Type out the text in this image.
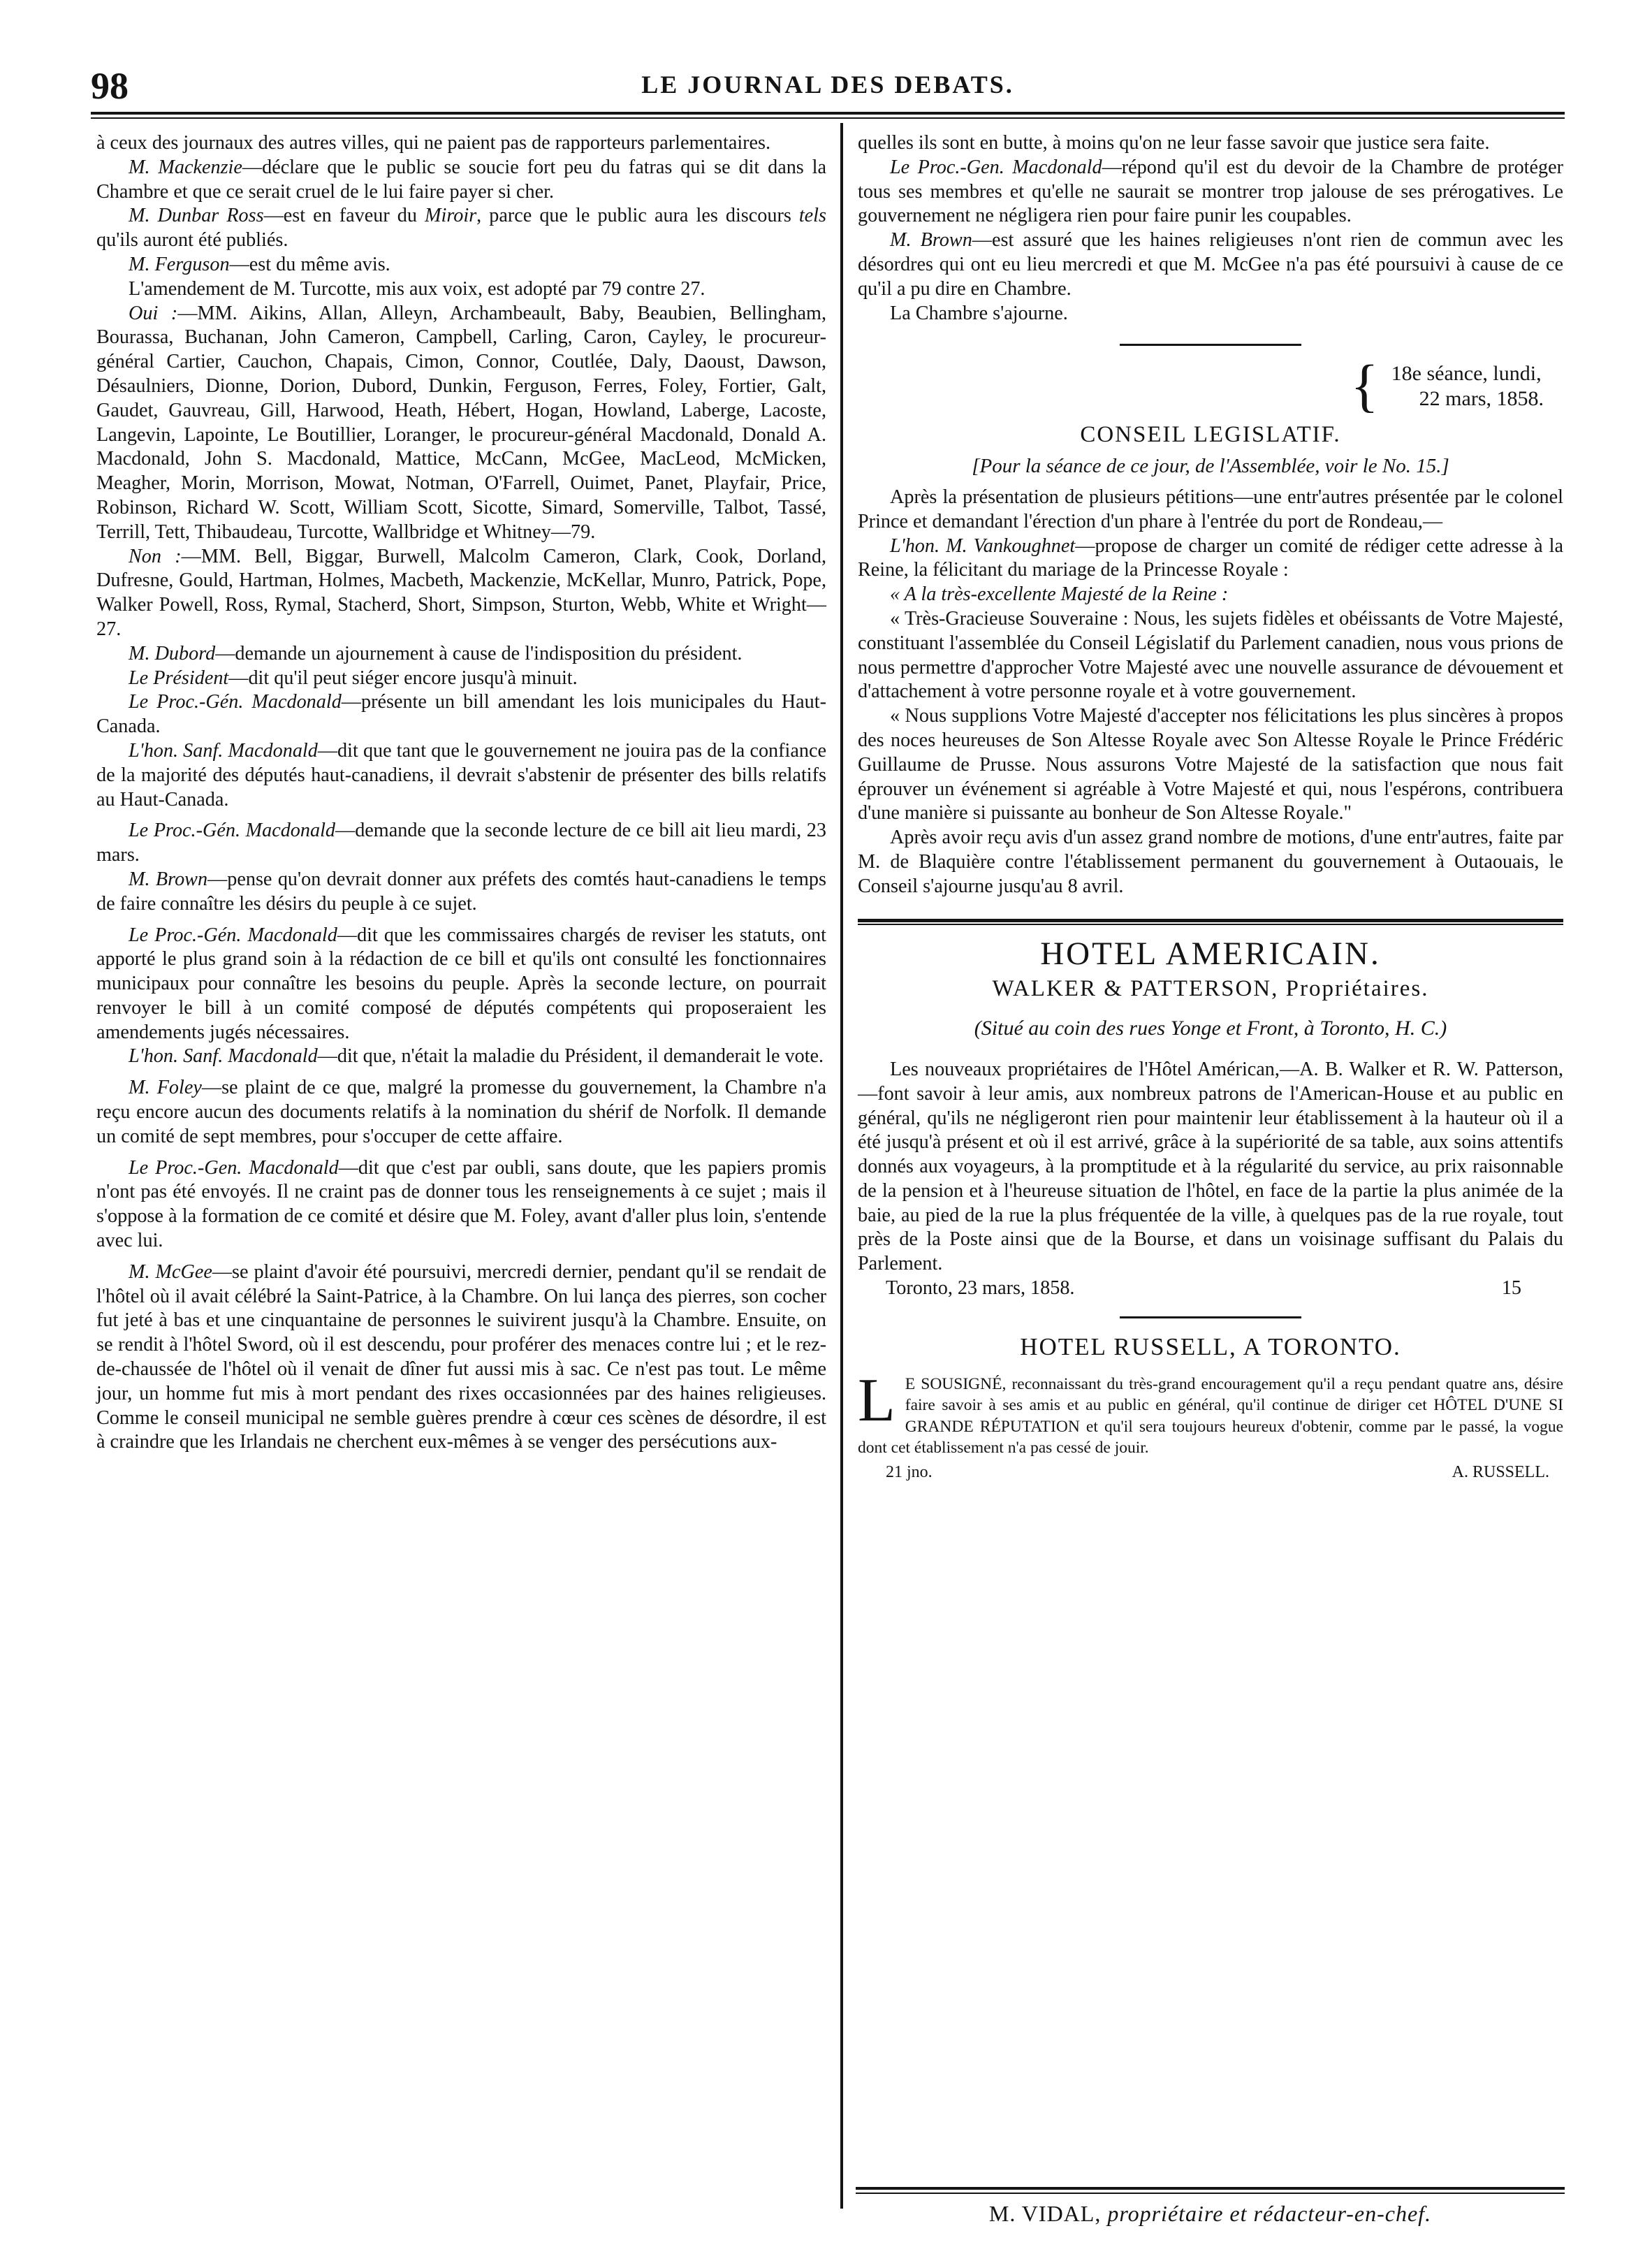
98	LE JOURNAL DES DEBATS.

à ceux des journaux des autres villes, qui ne paient pas de rapporteurs parlementaires.

M. Mackenzie—déclare que le public se soucie fort peu du fatras qui se dit dans la Chambre et que ce serait cruel de le lui faire payer si cher.

M. Dunbar Ross—est en faveur du Miroir, parce que le public aura les discours tels qu'ils auront été publiés.

M. Ferguson—est du même avis.

L'amendement de M. Turcotte, mis aux voix, est adopté par 79 contre 27.

Oui :—MM. Aikins, Allan, Alleyn, Archambeault, Baby, Beaubien, Bellingham, Bourassa, Buchanan, John Cameron, Campbell, Carling, Caron, Cayley, le procureur-général Cartier, Cauchon, Chapais, Cimon, Connor, Coutlée, Daly, Daoust, Dawson, Désaulniers, Dionne, Dorion, Dubord, Dunkin, Ferguson, Ferres, Foley, Fortier, Galt, Gaudet, Gauvreau, Gill, Harwood, Heath, Hébert, Hogan, Howland, Laberge, Lacoste, Langevin, Lapointe, Le Boutillier, Loranger, le procureur-général Macdonald, Donald A. Macdonald, John S. Macdonald, Mattice, McCann, McGee, MacLeod, McMicken, Meagher, Morin, Morrison, Mowat, Notman, O'Farrell, Ouimet, Panet, Playfair, Price, Robinson, Richard W. Scott, William Scott, Sicotte, Simard, Somerville, Talbot, Tassé, Terrill, Tett, Thibaudeau, Turcotte, Wallbridge et Whitney—79.

Non :—MM. Bell, Biggar, Burwell, Malcolm Cameron, Clark, Cook, Dorland, Dufresne, Gould, Hartman, Holmes, Macbeth, Mackenzie, McKellar, Munro, Patrick, Pope, Walker Powell, Ross, Rymal, Stacherd, Short, Simpson, Sturton, Webb, White et Wright—27.

M. Dubord—demande un ajournement à cause de l'indisposition du président.

Le Président—dit qu'il peut siéger encore jusqu'à minuit.

Le Proc.-Gén. Macdonald—présente un bill amendant les lois municipales du Haut-Canada.

L'hon. Sanf. Macdonald—dit que tant que le gouvernement ne jouira pas de la confiance de la majorité des députés haut-canadiens, il devrait s'abstenir de présenter des bills relatifs au Haut-Canada.

Le Proc.-Gén. Macdonald—demande que la seconde lecture de ce bill ait lieu mardi, 23 mars.

M. Brown—pense qu'on devrait donner aux préfets des comtés haut-canadiens le temps de faire connaître les désirs du peuple à ce sujet.

Le Proc.-Gén. Macdonald—dit que les commissaires chargés de reviser les statuts, ont apporté le plus grand soin à la rédaction de ce bill et qu'ils ont consulté les fonctionnaires municipaux pour connaître les besoins du peuple. Après la seconde lecture, on pourrait renvoyer le bill à un comité composé de députés compétents qui proposeraient les amendements jugés nécessaires.

L'hon. Sanf. Macdonald—dit que, n'était la maladie du Président, il demanderait le vote.

M. Foley—se plaint de ce que, malgré la promesse du gouvernement, la Chambre n'a reçu encore aucun des documents relatifs à la nomination du shérif de Norfolk. Il demande un comité de sept membres, pour s'occuper de cette affaire.

Le Proc.-Gen. Macdonald—dit que c'est par oubli, sans doute, que les papiers promis n'ont pas été envoyés. Il ne craint pas de donner tous les renseignements à ce sujet ; mais il s'oppose à la formation de ce comité et désire que M. Foley, avant d'aller plus loin, s'entende avec lui.

M. McGee—se plaint d'avoir été poursuivi, mercredi dernier, pendant qu'il se rendait de l'hôtel où il avait célébré la Saint-Patrice, à la Chambre. On lui lança des pierres, son cocher fut jeté à bas et une cinquantaine de personnes le suivirent jusqu'à la Chambre. Ensuite, on se rendit à l'hôtel Sword, où il est descendu, pour proférer des menaces contre lui ; et le rez-de-chaussée de l'hôtel où il venait de dîner fut aussi mis à sac. Ce n'est pas tout. Le même jour, un homme fut mis à mort pendant des rixes occasionnées par des haines religieuses. Comme le conseil municipal ne semble guères prendre à cœur ces scènes de désordre, il est à craindre que les Irlandais ne cherchent eux-mêmes à se venger des persécutions aux-

quelles ils sont en butte, à moins qu'on ne leur fasse savoir que justice sera faite.

Le Proc.-Gen. Macdonald—répond qu'il est du devoir de la Chambre de protéger tous ses membres et qu'elle ne saurait se montrer trop jalouse de ses prérogatives. Le gouvernement ne négligera rien pour faire punir les coupables.

M. Brown—est assuré que les haines religieuses n'ont rien de commun avec les désordres qui ont eu lieu mercredi et que M. McGee n'a pas été poursuivi à cause de ce qu'il a pu dire en Chambre.

La Chambre s'ajourne.

{ 18e séance, lundi,
22 mars, 1858.
CONSEIL LEGISLATIF.
[Pour la séance de ce jour, de l'Assemblée, voir le No. 15.]

Après la présentation de plusieurs pétitions—une entr'autres présentée par le colonel Prince et demandant l'érection d'un phare à l'entrée du port de Rondeau,—

L'hon. M. Vankoughnet—propose de charger un comité de rédiger cette adresse à la Reine, la félicitant du mariage de la Princesse Royale :

« A la très-excellente Majesté de la Reine :

« Très-Gracieuse Souveraine : Nous, les sujets fidèles et obéissants de Votre Majesté, constituant l'assemblée du Conseil Législatif du Parlement canadien, nous vous prions de nous permettre d'approcher Votre Majesté avec une nouvelle assurance de dévouement et d'attachement à votre personne royale et à votre gouvernement.

« Nous supplions Votre Majesté d'accepter nos félicitations les plus sincères à propos des noces heureuses de Son Altesse Royale avec Son Altesse Royale le Prince Frédéric Guillaume de Prusse. Nous assurons Votre Majesté de la satisfaction que nous fait éprouver un événement si agréable à Votre Majesté et qui, nous l'espérons, contribuera d'une manière si puissante au bonheur de Son Altesse Royale."

Après avoir reçu avis d'un assez grand nombre de motions, d'une entr'autres, faite par M. de Blaquière contre l'établissement permanent du gouvernement à Outaouais, le Conseil s'ajourne jusqu'au 8 avril.

HOTEL AMERICAIN.
WALKER & PATTERSON, Propriétaires.
(Situé au coin des rues Yonge et Front, à Toronto, H. C.)

Les nouveaux propriétaires de l'Hôtel Américan,—A. B. Walker et R. W. Patterson,—font savoir à leur amis, aux nombreux patrons de l'American-House et au public en général, qu'ils ne négligeront rien pour maintenir leur établissement à la hauteur où il a été jusqu'à présent et où il est arrivé, grâce à la supériorité de sa table, aux soins attentifs donnés aux voyageurs, à la promptitude et à la régularité du service, au prix raisonnable de la pension et à l'heureuse situation de l'hôtel, en face de la partie la plus animée de la baie, au pied de la rue la plus fréquentée de la ville, à quelques pas de la rue royale, tout près de la Poste ainsi que de la Bourse, et dans un voisinage suffisant du Palais du Parlement.

Toronto, 23 mars, 1858.	15
HOTEL RUSSELL, A TORONTO.
L E SOUSIGNÉ, reconnaissant du très-grand encouragement qu'il a reçu pendant quatre ans, désire faire savoir à ses amis et au public en général, qu'il continue de diriger cet HÔTEL D'UNE SI GRANDE RÉPUTATION et qu'il sera toujours heureux d'obtenir, comme par le passé, la vogue dont cet établissement n'a pas cessé de jouir.
21 jno.	A. RUSSELL.
M. VIDAL, propriétaire et rédacteur-en-chef.
